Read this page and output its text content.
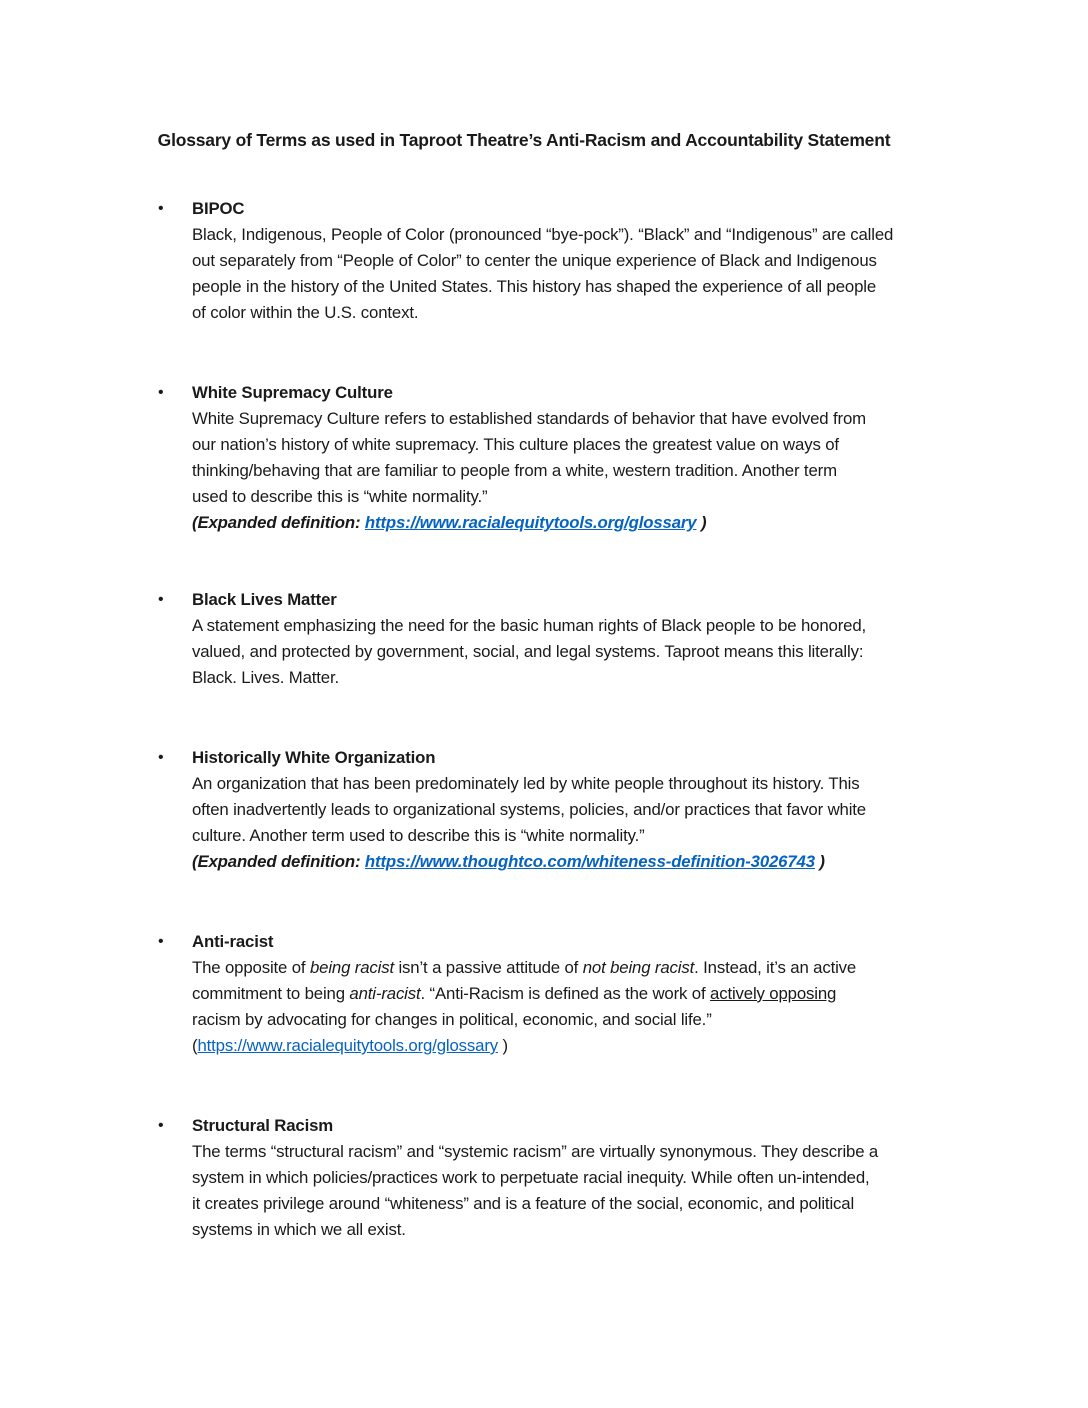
Glossary of Terms as used in Taproot Theatre’s Anti-Racism and Accountability Statement
• BIPOC
Black, Indigenous, People of Color (pronounced “bye-pock”). “Black” and “Indigenous” are called
out separately from “People of Color” to center the unique experience of Black and Indigenous
people in the history of the United States. This history has shaped the experience of all people
of color within the U.S. context.
• White Supremacy Culture
White Supremacy Culture refers to established standards of behavior that have evolved from
our nation’s history of white supremacy. This culture places the greatest value on ways of
thinking/behaving that are familiar to people from a white, western tradition. Another term
used to describe this is “white normality.”
(Expanded definition: https://www.racialequitytools.org/glossary )
• Black Lives Matter
A statement emphasizing the need for the basic human rights of Black people to be honored,
valued, and protected by government, social, and legal systems. Taproot means this literally:
Black. Lives. Matter.
• Historically White Organization
An organization that has been predominately led by white people throughout its history. This
often inadvertently leads to organizational systems, policies, and/or practices that favor white
culture. Another term used to describe this is “white normality.”
(Expanded definition: https://www.thoughtco.com/whiteness-definition-3026743 )
• Anti-racist
The opposite of being racist isn’t a passive attitude of not being racist. Instead, it’s an active
commitment to being anti-racist. “Anti-Racism is defined as the work of actively opposing
racism by advocating for changes in political, economic, and social life.”
(https://www.racialequitytools.org/glossary )
• Structural Racism
The terms “structural racism” and “systemic racism” are virtually synonymous. They describe a
system in which policies/practices work to perpetuate racial inequity. While often un-intended,
it creates privilege around “whiteness” and is a feature of the social, economic, and political
systems in which we all exist.
